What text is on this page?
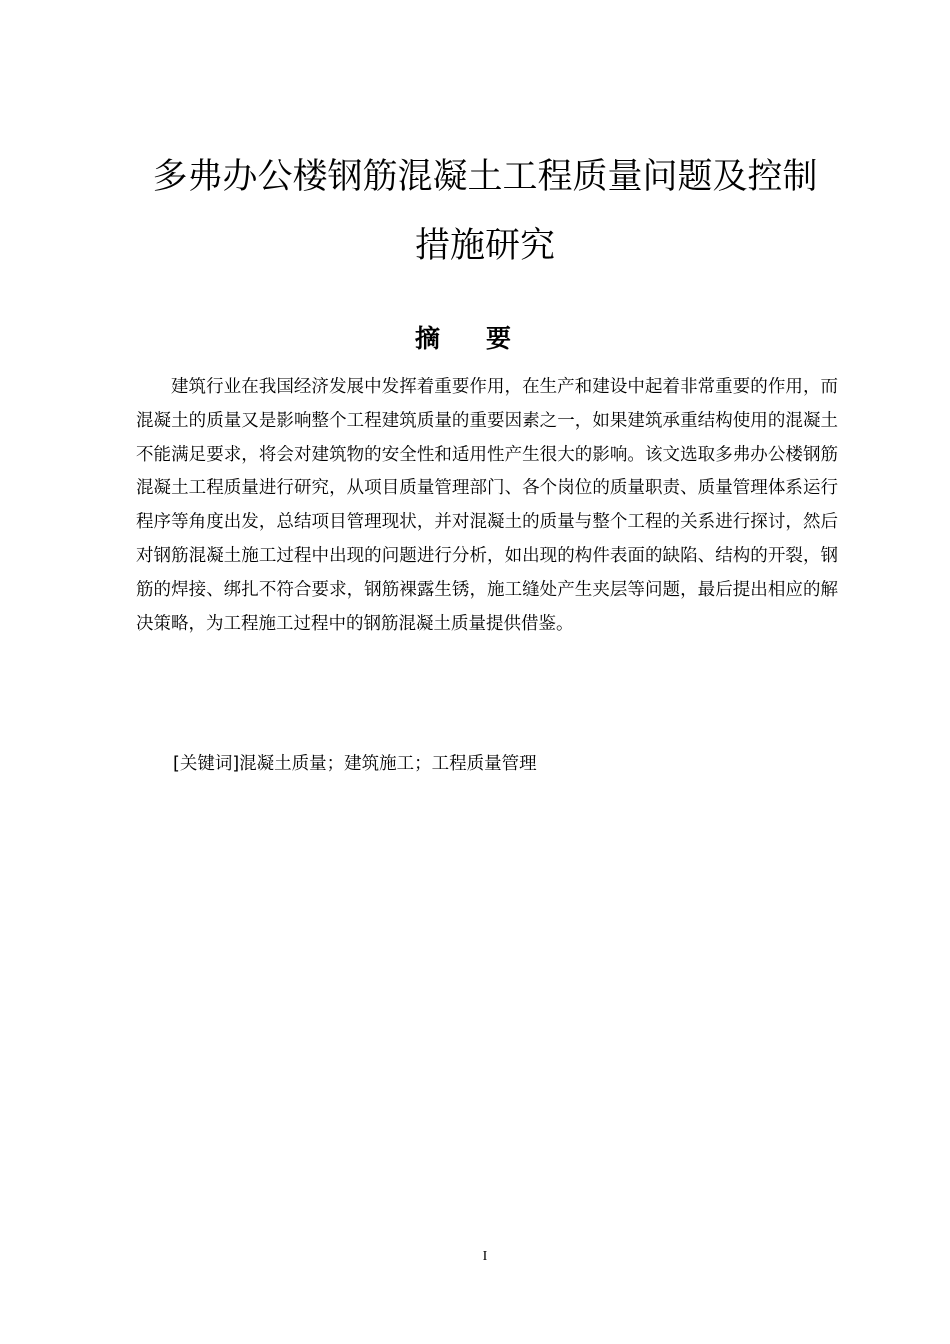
多弗办公楼钢筋混凝土工程质量问题及控制
措施研究
摘要

建筑行业在我国经济发展中发挥着重要作用，在生产和建设中起着非常重要的作用，而混凝土的质量又是影响整个工程建筑质量的重要因素之一，如果建筑承重结构使用的混凝土不能满足要求，将会对建筑物的安全性和适用性产生很大的影响。该文选取多弗办公楼钢筋混凝土工程质量进行研究，从项目质量管理部门、各个岗位的质量职责、质量管理体系运行程序等角度出发，总结项目管理现状，并对混凝土的质量与整个工程的关系进行探讨，然后对钢筋混凝土施工过程中出现的问题进行分析，如出现的构件表面的缺陷、结构的开裂，钢筋的焊接、绑扎不符合要求，钢筋裸露生锈，施工缝处产生夹层等问题，最后提出相应的解决策略，为工程施工过程中的钢筋混凝土质量提供借鉴。

[关键词]混凝土质量；建筑施工；工程质量管理

I
